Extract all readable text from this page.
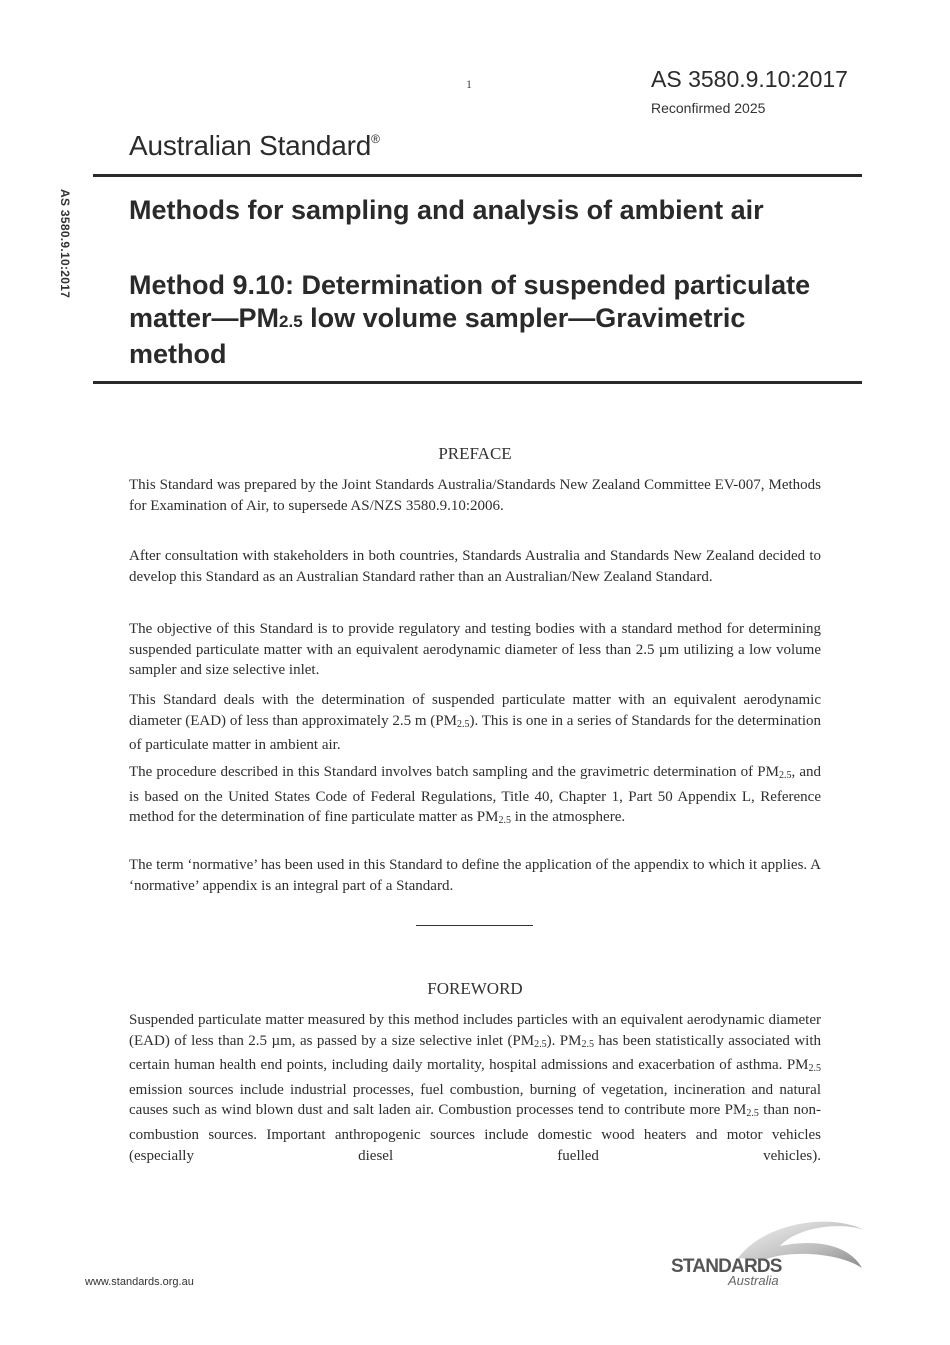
1	AS 3580.9.10:2017
Reconfirmed 2025
Australian Standard®
AS 3580.9.10:2017 Methods for sampling and analysis of ambient air
Method 9.10: Determination of suspended particulate matter—PM2.5 low volume sampler—Gravimetric method
PREFACE

This Standard was prepared by the Joint Standards Australia/Standards New Zealand Committee EV-007, Methods for Examination of Air, to supersede AS/NZS 3580.9.10:2006.

After consultation with stakeholders in both countries, Standards Australia and Standards New Zealand decided to develop this Standard as an Australian Standard rather than an Australian/New Zealand Standard.

The objective of this Standard is to provide regulatory and testing bodies with a standard method for determining suspended particulate matter with an equivalent aerodynamic diameter of less than 2.5 µm utilizing a low volume sampler and size selective inlet.

This Standard deals with the determination of suspended particulate matter with an equivalent aerodynamic diameter (EAD) of less than approximately 2.5 m (PM2.5). This is one in a series of Standards for the determination of particulate matter in ambient air.

The procedure described in this Standard involves batch sampling and the gravimetric determination of PM2.5, and is based on the United States Code of Federal Regulations, Title 40, Chapter 1, Part 50 Appendix L, Reference method for the determination of fine particulate matter as PM2.5 in the atmosphere.

The term ‘normative’ has been used in this Standard to define the application of the appendix to which it applies. A ‘normative’ appendix is an integral part of a Standard.

FOREWORD

Suspended particulate matter measured by this method includes particles with an equivalent aerodynamic diameter (EAD) of less than 2.5 µm, as passed by a size selective inlet (PM2.5). PM2.5 has been statistically associated with certain human health end points, including daily mortality, hospital admissions and exacerbation of asthma. PM2.5 emission sources include industrial processes, fuel combustion, burning of vegetation, incineration and natural causes such as wind blown dust and salt laden air. Combustion processes tend to contribute more PM2.5 than non-combustion sources. Important anthropogenic sources include domestic wood heaters and motor vehicles (especially diesel fuelled vehicles).

www.standards.org.au
STANDARDS
Australia
